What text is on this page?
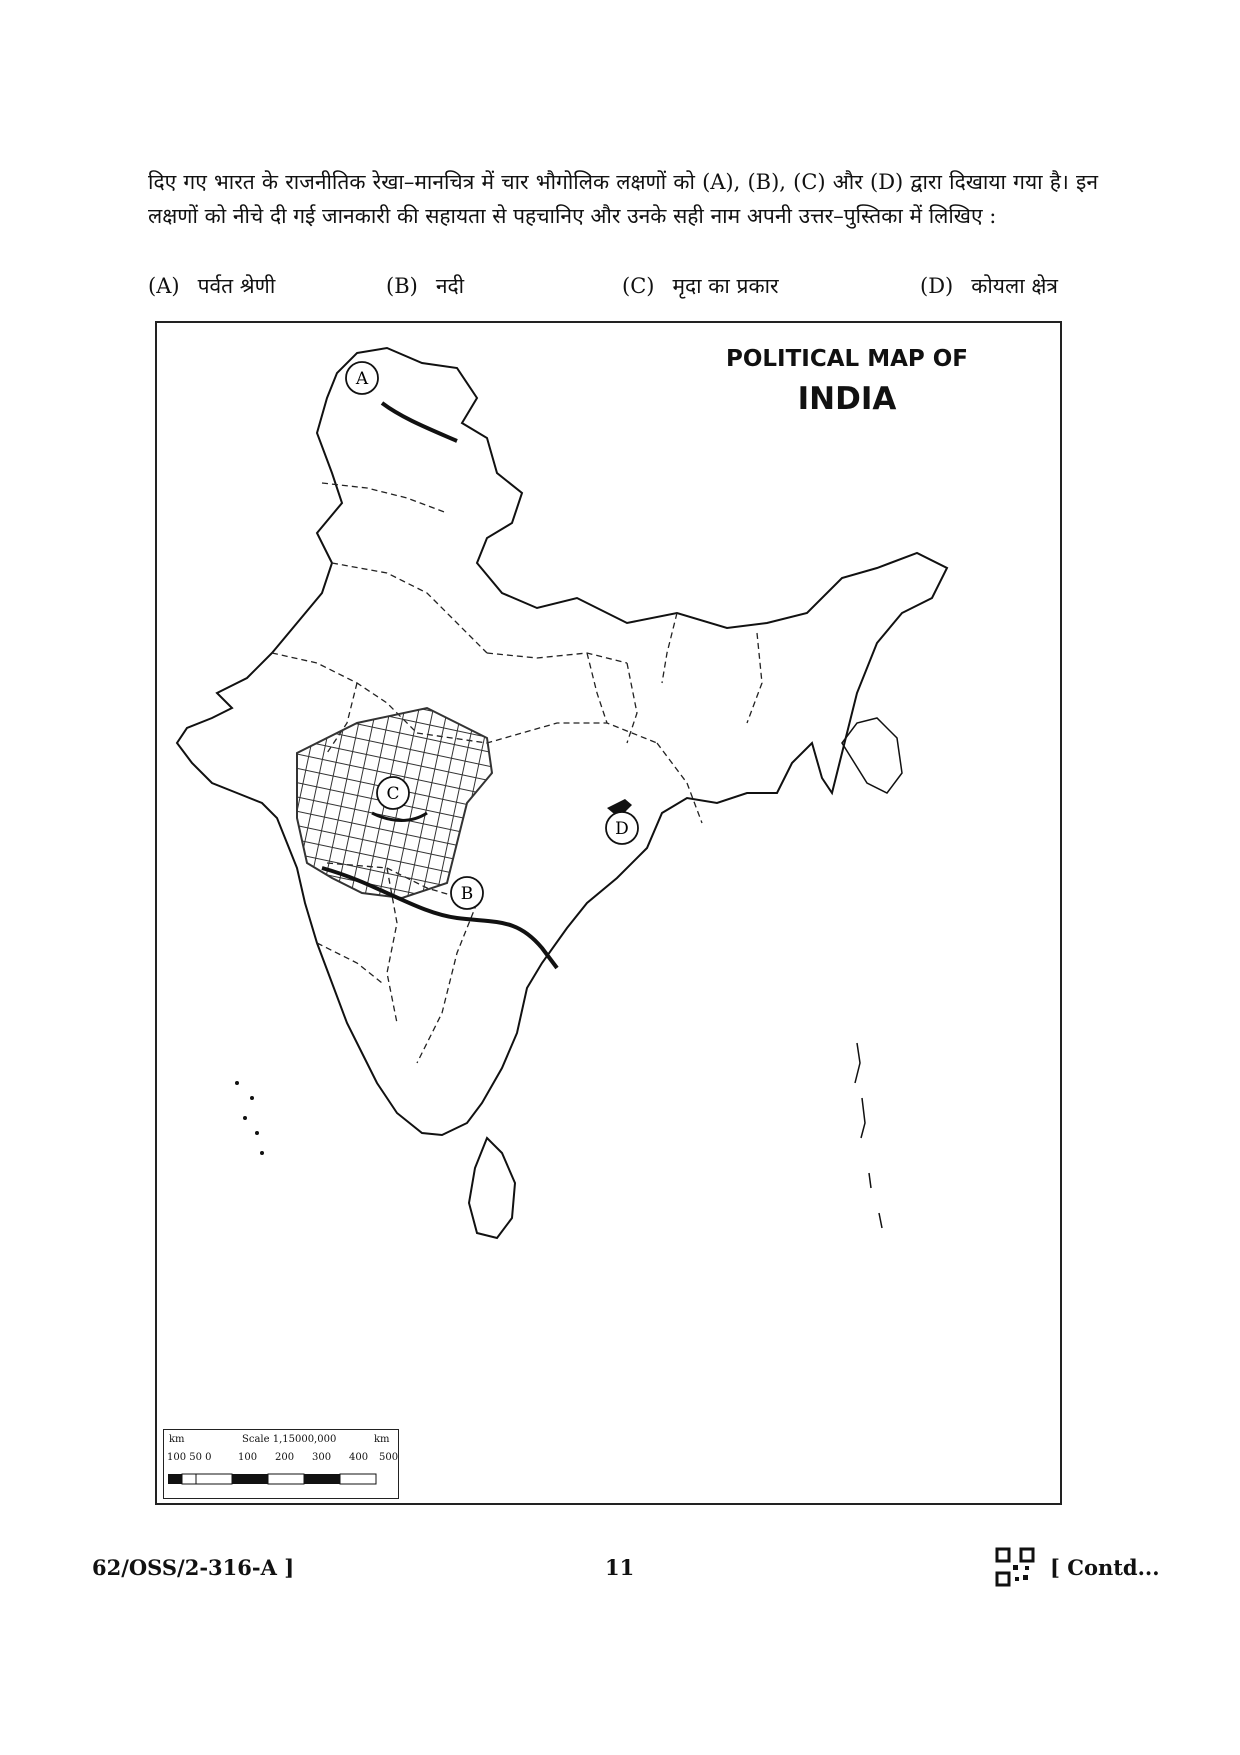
दिए गए भारत के राजनीतिक रेखा–मानचित्र में चार भौगोलिक लक्षणों को (A), (B), (C) और (D) द्वारा दिखाया गया है। इन लक्षणों को नीचे दी गई जानकारी की सहायता से पहचानिए और उनके सही नाम अपनी उत्तर–पुस्तिका में लिखिए :
(A) पर्वत श्रेणी	(B) नदी	(C) मृदा का प्रकार	(D) कोयला क्षेत्र
A
B
C
D
POLITICAL MAP OF
INDIA
km	Scale 1,15000,000	km
100 50 0	100 200 300 400 500
62/OSS/2-316-A ]	11	[ Contd...
